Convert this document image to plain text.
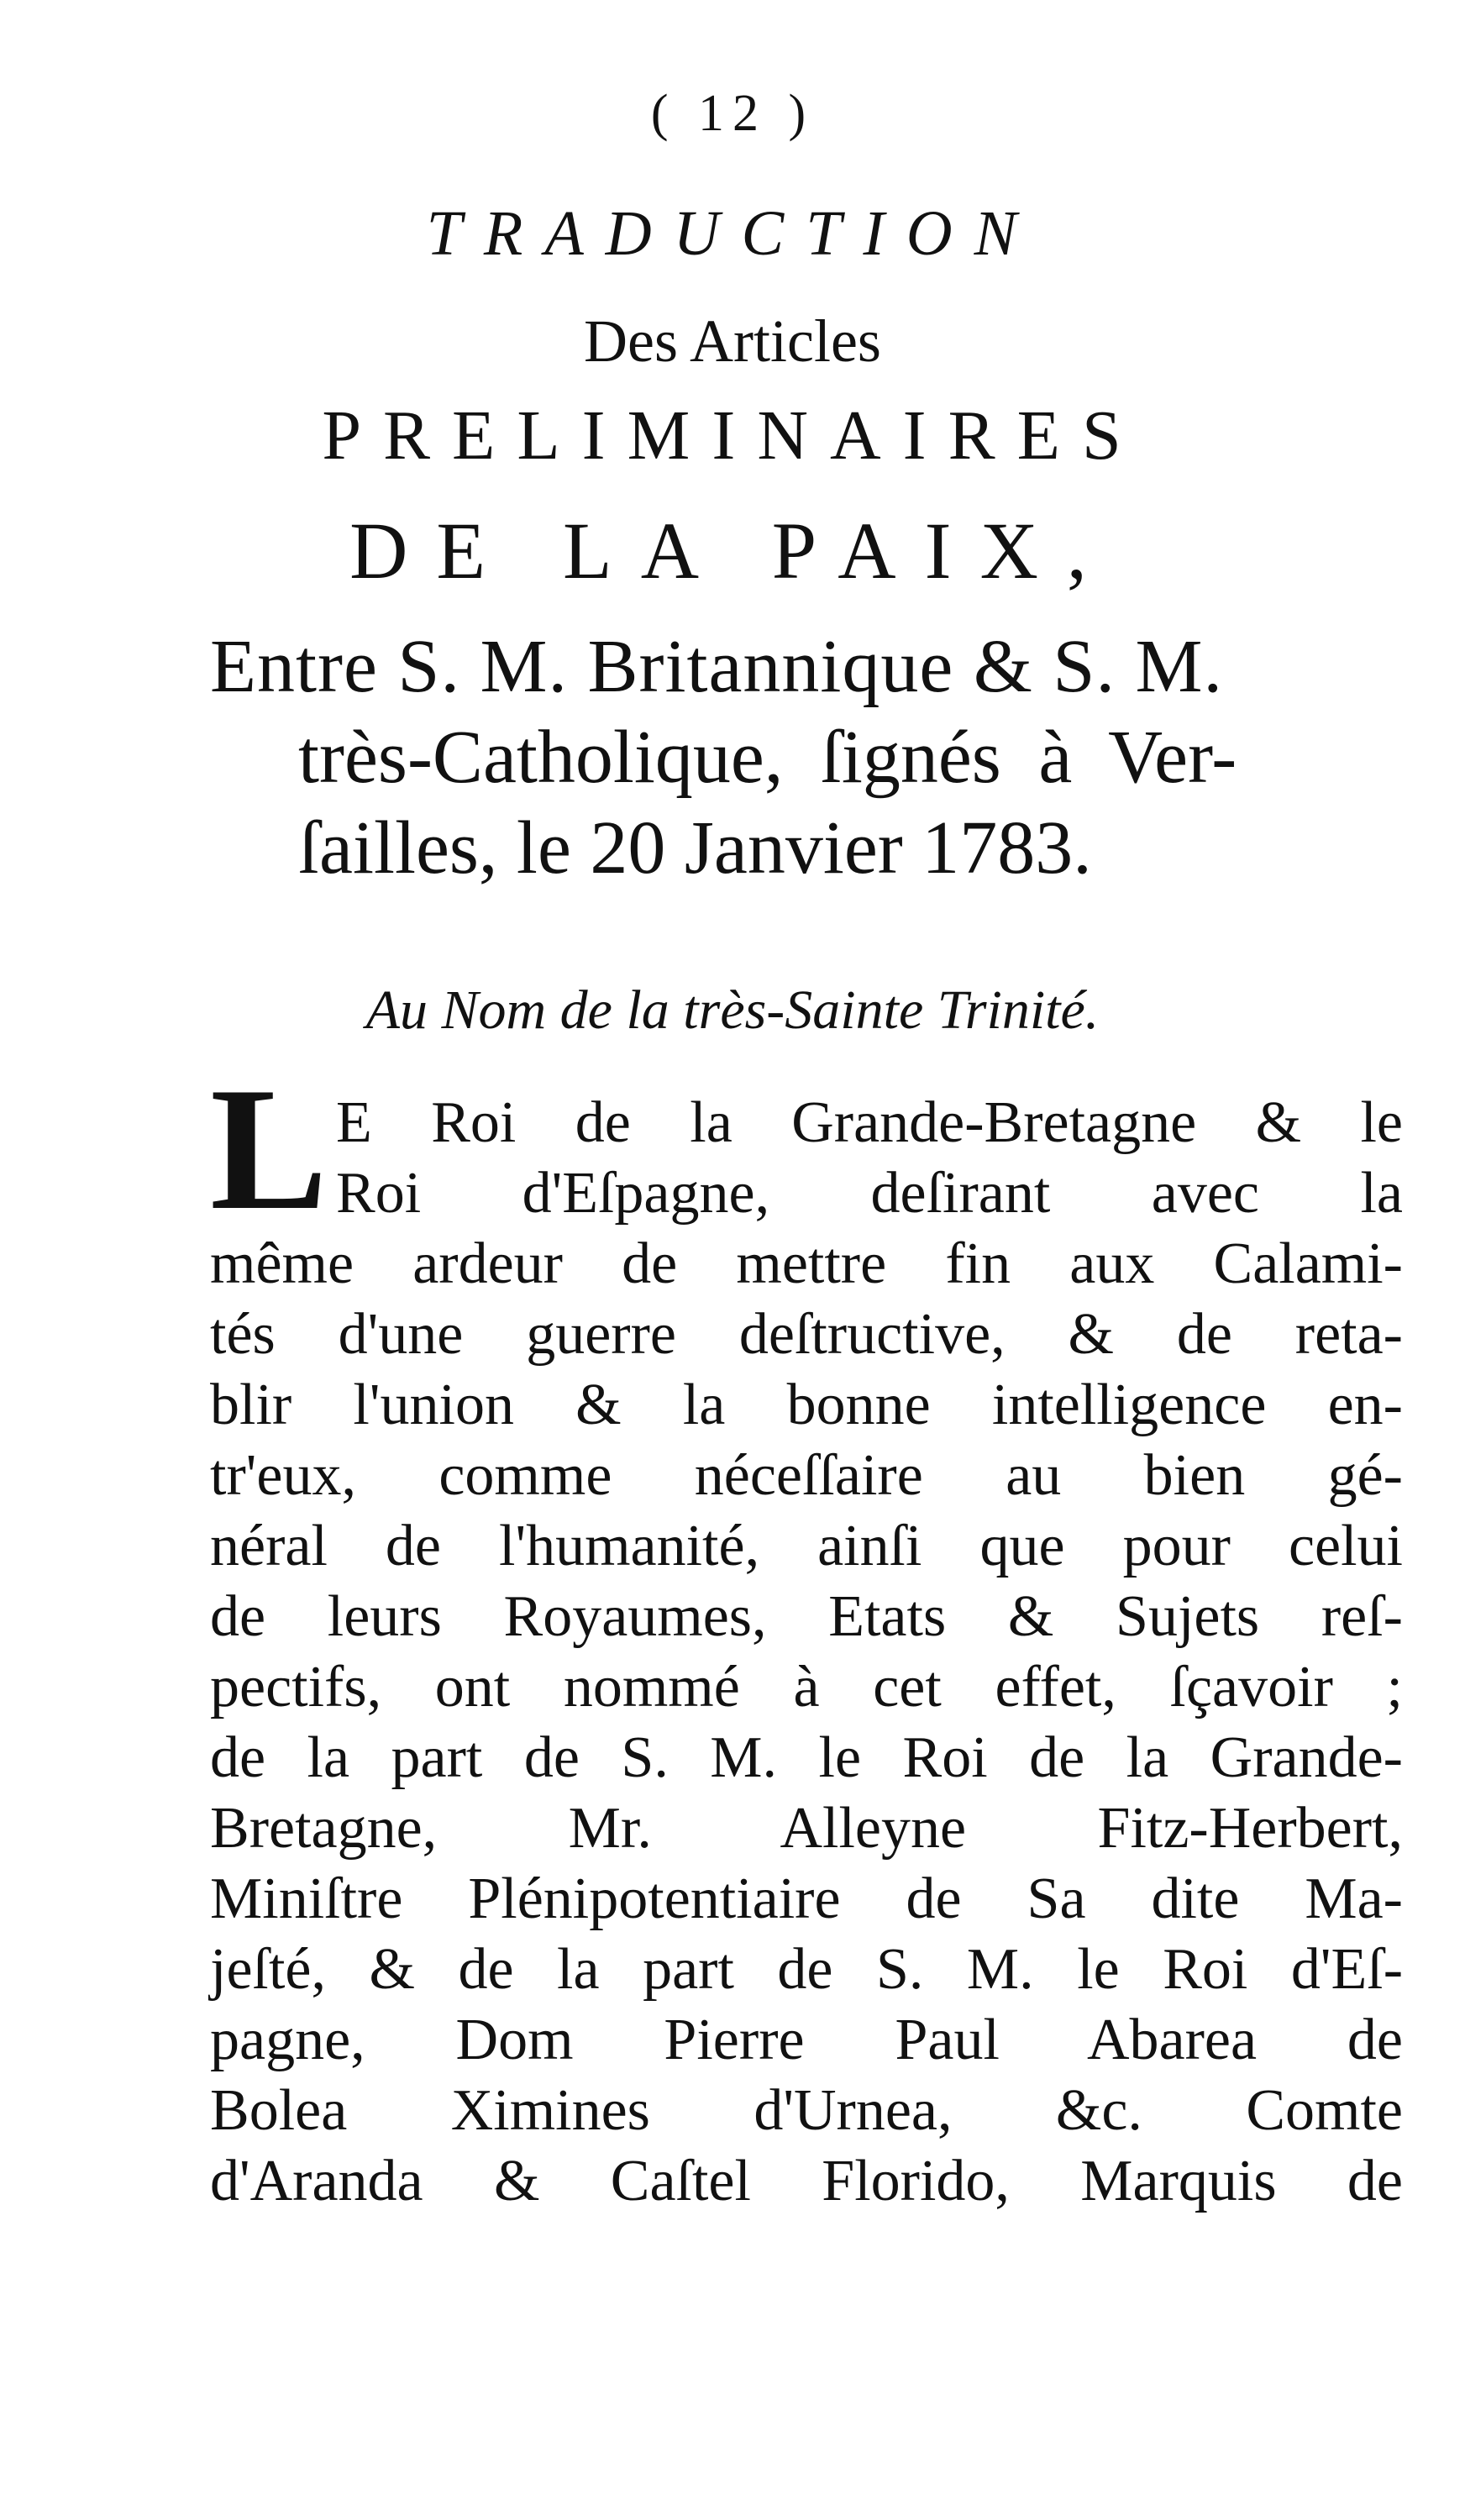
( 12 )
TRADUCTION
Des Articles
PRELIMINAIRES
DE LA PAIX,
Entre S. M. Britannique & S. M.
très-Catholique, ſignés à Ver-
ſailles, le 20 Janvier 1783.
Au Nom de la très-Sainte Trinité.
L E Roi de la Grande-Bretagne & le
Roi d'Eſpagne, deſirant avec la
même ardeur de mettre fin aux Calami-
tés d'une guerre deſtructive, & de reta-
blir l'union & la bonne intelligence en-
tr'eux, comme néceſſaire au bien gé-
néral de l'humanité, ainſi que pour celui
de leurs Royaumes, Etats & Sujets reſ-
pectifs, ont nommé à cet effet, ſçavoir ;
de la part de S. M. le Roi de la Grande-
Bretagne, Mr. Alleyne Fitz-Herbert,
Miniſtre Plénipotentiaire de Sa dite Ma-
jeſté, & de la part de S. M. le Roi d'Eſ-
pagne, Dom Pierre Paul Abarea de
Bolea Ximines d'Urnea, &c. Comte
d'Aranda & Caſtel Florido, Marquis de
